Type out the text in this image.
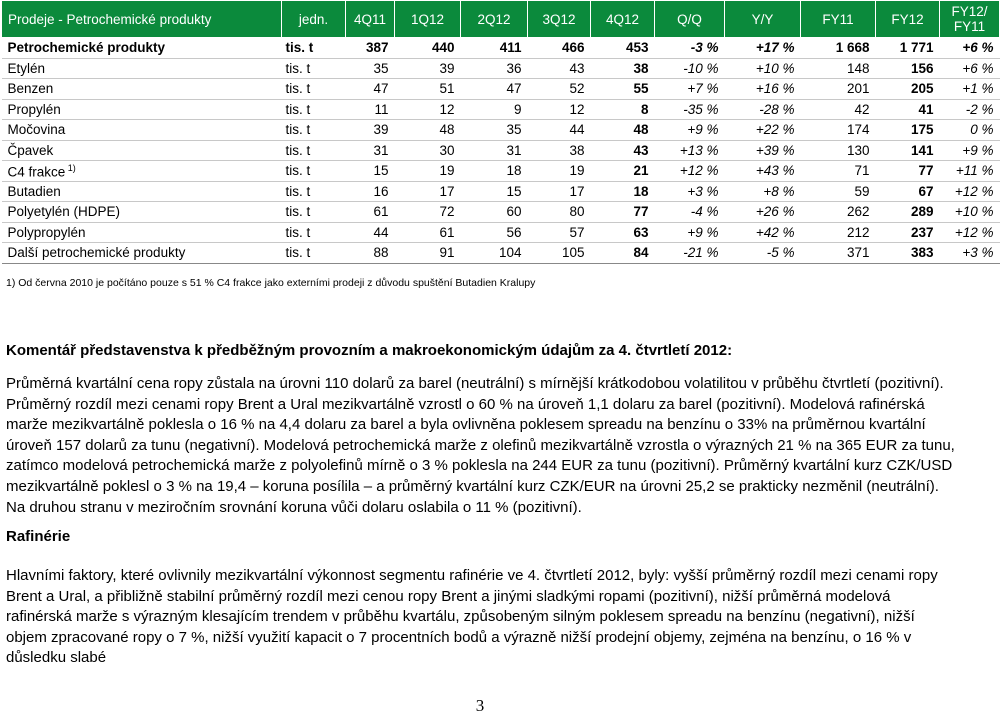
Prodeje - Petrochemické produkty	jedn.	4Q11	1Q12	2Q12	3Q12	4Q12	Q/Q	Y/Y	FY11	FY12	FY12/
FY11
Petrochemické produkty	tis. t	387	440	411	466	453	-3 %	+17 %	1 668	1 771	+6 %
Etylén	tis. t	35	39	36	43	38	-10 %	+10 %	148	156	+6 %
Benzen	tis. t	47	51	47	52	55	+7 %	+16 %	201	205	+1 %
Propylén	tis. t	11	12	9	12	8	-35 %	-28 %	42	41	-2 %
Močovina	tis. t	39	48	35	44	48	+9 %	+22 %	174	175	0 %
Čpavek	tis. t	31	30	31	38	43	+13 %	+39 %	130	141	+9 %
C4 frakce $^{1)}$	tis. t	15	19	18	19	21	+12 %	+43 %	71	77	+11 %
Butadien	tis. t	16	17	15	17	18	+3 %	+8 %	59	67	+12 %
Polyetylén (HDPE)	tis. t	61	72	60	80	77	-4 %	+26 %	262	289	+10 %
Polypropylén	tis. t	44	61	56	57	63	+9 %	+42 %	212	237	+12 %
Další petrochemické produkty	tis. t	88	91	104	105	84	-21 %	-5 %	371	383	+3 %
1) Od června 2010 je počítáno pouze s 51 % C4 frakce jako externími prodeji z důvodu spuštění Butadien Kralupy
Komentář představenstva k předběžným provozním a makroekonomickým údajům za 4. čtvrtletí 2012:
Průměrná kvartální cena ropy zůstala na úrovni 110 dolarů za barel (neutrální) s mírnější krátkodobou volatilitou v průběhu čtvrtletí (pozitivní). Průměrný rozdíl mezi cenami ropy Brent a Ural mezikvartálně vzrostl o 60 % na úroveň 1,1 dolaru za barel (pozitivní). Modelová rafinérská marže mezikvartálně poklesla o 16 % na 4,4 dolaru za barel a byla ovlivněna poklesem spreadu na benzínu o 33% na průměrnou kvartální úroveň 157 dolarů za tunu (negativní). Modelová petrochemická marže z olefinů mezikvartálně vzrostla o výrazných 21 % na 365 EUR za tunu, zatímco modelová petrochemická marže z polyolefinů mírně o 3 % poklesla na 244 EUR za tunu (pozitivní). Průměrný kvartální kurz CZK/USD mezikvartálně poklesl o 3 % na 19,4 – koruna posílila – a průměrný kvartální kurz CZK/EUR na úrovni 25,2 se prakticky nezměnil (neutrální). Na druhou stranu v meziročním srovnání koruna vůči dolaru oslabila o 11 % (pozitivní).
Rafinérie
Hlavními faktory, které ovlivnily mezikvartální výkonnost segmentu rafinérie ve 4. čtvrtletí 2012, byly: vyšší průměrný rozdíl mezi cenami ropy Brent a Ural, a přibližně stabilní průměrný rozdíl mezi cenou ropy Brent a jinými sladkými ropami (pozitivní), nižší průměrná modelová rafinérská marže s výrazným klesajícím trendem v průběhu kvartálu, způsobeným silným poklesem spreadu na benzínu (negativní), nižší objem zpracované ropy o 7 %, nižší využití kapacit o 7 procentních bodů a výrazně nižší prodejní objemy, zejména na benzínu, o 16 % v důsledku slabé
3
